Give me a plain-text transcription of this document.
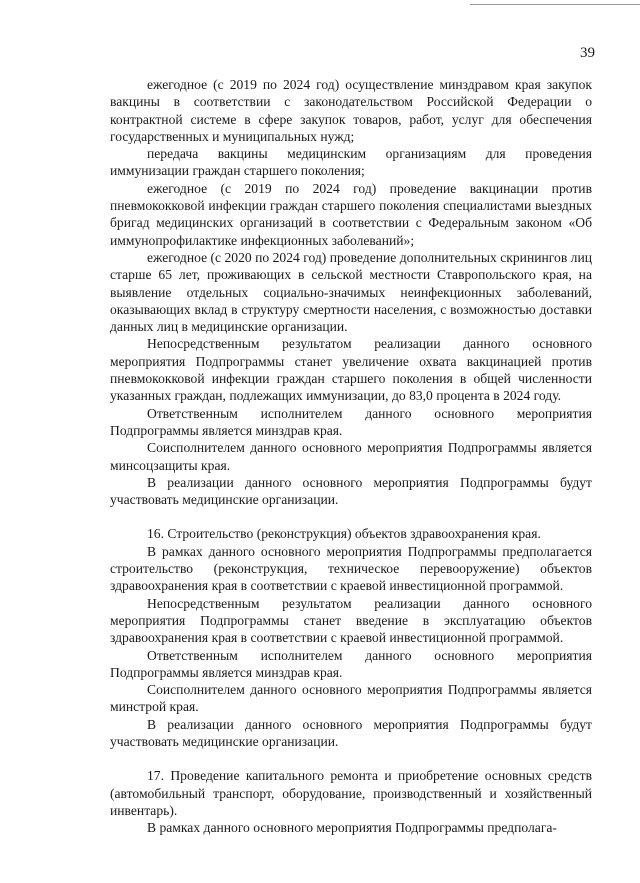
39

ежегодное (с 2019 по 2024 год) осуществление минздравом края закупок вакцины в соответствии с законодательством Российской Федерации о контрактной системе в сфере закупок товаров, работ, услуг для обеспечения государственных и муниципальных нужд;

передача вакцины медицинским организациям для проведения иммунизации граждан старшего поколения;

ежегодное (с 2019 по 2024 год) проведение вакцинации против пневмококковой инфекции граждан старшего поколения специалистами выездных бригад медицинских организаций в соответствии с Федеральным законом «Об иммунопрофилактике инфекционных заболеваний»;

ежегодное (с 2020 по 2024 год) проведение дополнительных скринингов лиц старше 65 лет, проживающих в сельской местности Ставропольского края, на выявление отдельных социально-значимых неинфекционных заболеваний, оказывающих вклад в структуру смертности населения, с возможностью доставки данных лиц в медицинские организации.

Непосредственным результатом реализации данного основного мероприятия Подпрограммы станет увеличение охвата вакцинацией против пневмококковой инфекции граждан старшего поколения в общей численности указанных граждан, подлежащих иммунизации, до 83,0 процента в 2024 году.

Ответственным исполнителем данного основного мероприятия Подпрограммы является минздрав края.

Соисполнителем данного основного мероприятия Подпрограммы является минсоцзащиты края.

В реализации данного основного мероприятия Подпрограммы будут участвовать медицинские организации.

16. Строительство (реконструкция) объектов здравоохранения края.

В рамках данного основного мероприятия Подпрограммы предполагается строительство (реконструкция, техническое перевооружение) объектов здравоохранения края в соответствии с краевой инвестиционной программой.

Непосредственным результатом реализации данного основного мероприятия Подпрограммы станет введение в эксплуатацию объектов здравоохранения края в соответствии с краевой инвестиционной программой.

Ответственным исполнителем данного основного мероприятия Подпрограммы является минздрав края.

Соисполнителем данного основного мероприятия Подпрограммы является минстрой края.

В реализации данного основного мероприятия Подпрограммы будут участвовать медицинские организации.

17. Проведение капитального ремонта и приобретение основных средств (автомобильный транспорт, оборудование, производственный и хозяйственный инвентарь).

В рамках данного основного мероприятия Подпрограммы предполага-
